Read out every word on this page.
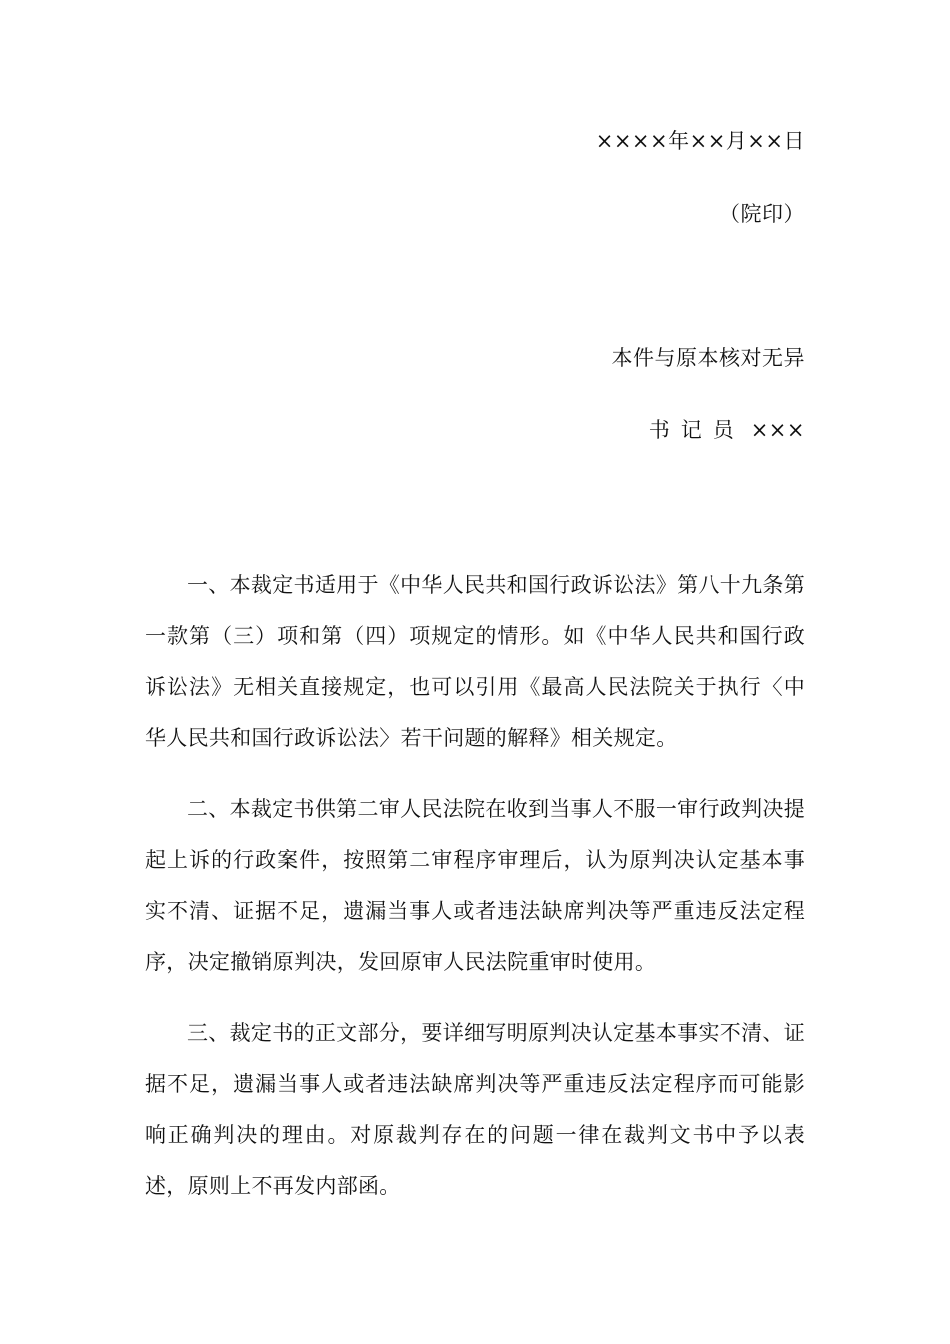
××××年××月××日
（院印）
本件与原本核对无异
书记员 ×××

一、本裁定书适用于《中华人民共和国行政诉讼法》第八十九条第一款第（三）项和第（四）项规定的情形。如《中华人民共和国行政诉讼法》无相关直接规定，也可以引用《最高人民法院关于执行〈中华人民共和国行政诉讼法〉若干问题的解释》相关规定。

二、本裁定书供第二审人民法院在收到当事人不服一审行政判决提起上诉的行政案件，按照第二审程序审理后，认为原判决认定基本事实不清、证据不足，遗漏当事人或者违法缺席判决等严重违反法定程序，决定撤销原判决，发回原审人民法院重审时使用。

三、裁定书的正文部分，要详细写明原判决认定基本事实不清、证据不足，遗漏当事人或者违法缺席判决等严重违反法定程序而可能影响正确判决的理由。对原裁判存在的问题一律在裁判文书中予以表述，原则上不再发内部函。
